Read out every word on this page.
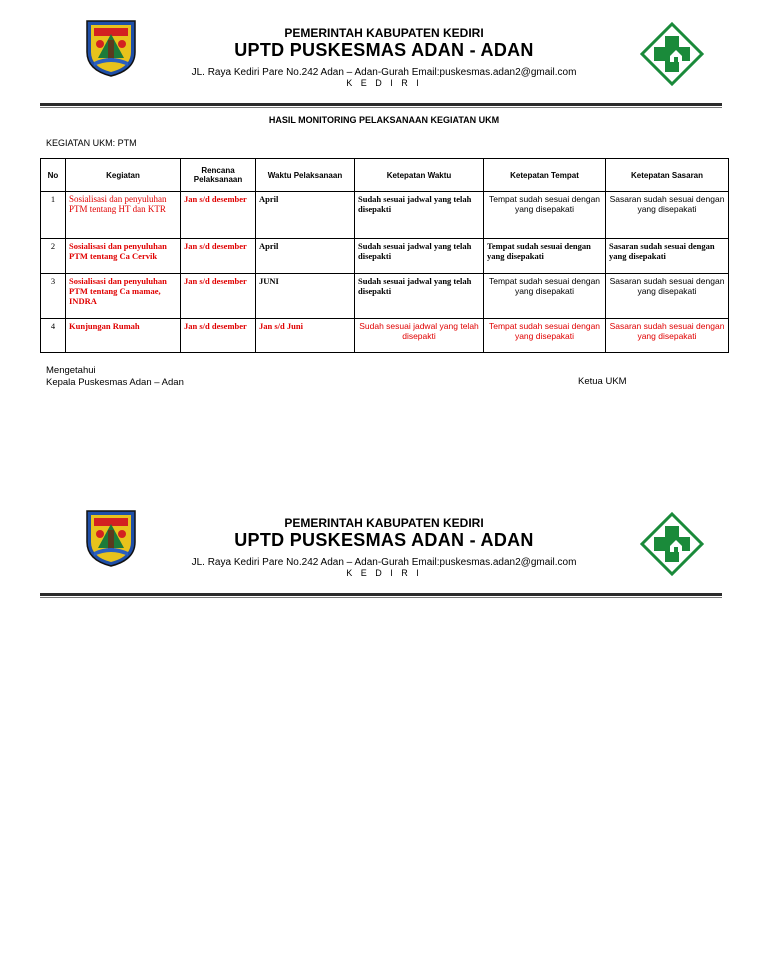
PEMERINTAH KABUPATEN KEDIRI
UPTD PUSKESMAS ADAN - ADAN
JL. Raya Kediri Pare No.242 Adan – Adan-Gurah Email:puskesmas.adan2@gmail.com
K E D I R I
HASIL MONITORING PELAKSANAAN KEGIATAN UKM
KEGIATAN UKM: PTM
No	Kegiatan	Rencana Pelaksanaan	Waktu Pelaksanaan	Ketepatan Waktu	Ketepatan Tempat	Ketepatan Sasaran
1	Sosialisasi dan penyuluhan PTM tentang HT dan KTR	Jan s/d desember	April	Sudah sesuai jadwal yang telah disepakti	Tempat sudah sesuai dengan yang disepakati	Sasaran sudah sesuai dengan yang disepakati
2	Sosialisasi dan penyuluhan PTM tentang Ca Cervik	Jan s/d desember	April	Sudah sesuai jadwal yang telah disepakti	Tempat sudah sesuai dengan yang disepakati	Sasaran sudah sesuai dengan yang disepakati
3	Sosialisasi dan penyuluhan PTM tentang Ca mamae, INDRA	Jan s/d desember	JUNI	Sudah sesuai jadwal yang telah disepakti	Tempat sudah sesuai dengan yang disepakati	Sasaran sudah sesuai dengan yang disepakati
4	Kunjungan Rumah	Jan s/d desember	Jan s/d Juni	Sudah sesuai jadwal yang telah disepakti	Tempat sudah sesuai dengan yang disepakati	Sasaran sudah sesuai dengan yang disepakati
Mengetahui
Kepala Puskesmas Adan – Adan	Ketua UKM
PEMERINTAH KABUPATEN KEDIRI
UPTD PUSKESMAS ADAN - ADAN
JL. Raya Kediri Pare No.242 Adan – Adan-Gurah Email:puskesmas.adan2@gmail.com
K E D I R I
